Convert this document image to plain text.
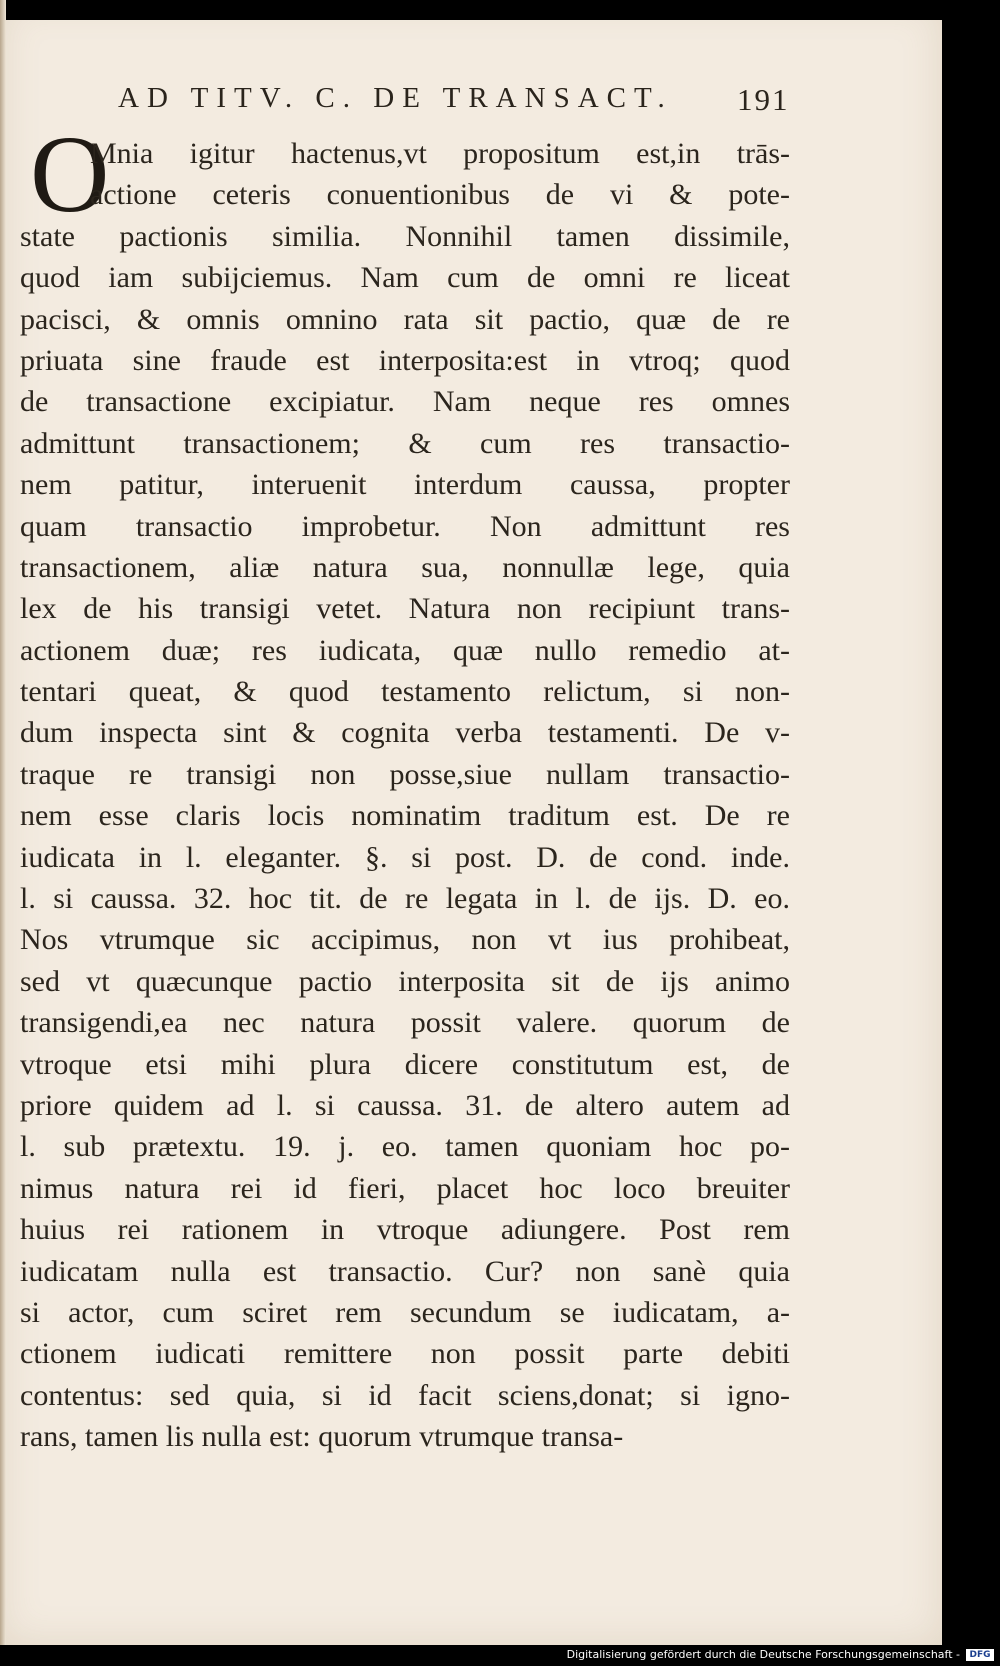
AD TITV. C. DE TRANSACT. 191
O
Mnia igitur hactenus,vt propositum est,in trās-
actione ceteris conuentionibus de vi & pote-
state pactionis similia. Nonnihil tamen dissimile,
quod iam subijciemus. Nam cum de omni re liceat
pacisci, & omnis omnino rata sit pactio, quæ de re
priuata sine fraude est interposita:est in vtroq; quod
de transactione excipiatur. Nam neque res omnes
admittunt transactionem; & cum res transactio-
nem patitur, interuenit interdum caussa, propter
quam transactio improbetur. Non admittunt res
transactionem, aliæ natura sua, nonnullæ lege, quia
lex de his transigi vetet. Natura non recipiunt trans-
actionem duæ; res iudicata, quæ nullo remedio at-
tentari queat, & quod testamento relictum, si non-
dum inspecta sint & cognita verba testamenti. De v-
traque re transigi non posse,siue nullam transactio-
nem esse claris locis nominatim traditum est. De re
iudicata in l. eleganter. §. si post. D. de cond. inde.
l. si caussa. 32. hoc tit. de re legata in l. de ijs. D. eo.
Nos vtrumque sic accipimus, non vt ius prohibeat,
sed vt quæcunque pactio interposita sit de ijs animo
transigendi,ea nec natura possit valere. quorum de
vtroque etsi mihi plura dicere constitutum est, de
priore quidem ad l. si caussa. 31. de altero autem ad
l. sub prætextu. 19. j. eo. tamen quoniam hoc po-
nimus natura rei id fieri, placet hoc loco breuiter
huius rei rationem in vtroque adiungere. Post rem
iudicatam nulla est transactio. Cur? non sanè quia
si actor, cum sciret rem secundum se iudicatam, a-
ctionem iudicati remittere non possit parte debiti
contentus: sed quia, si id facit sciens,donat; si igno-
rans, tamen lis nulla est: quorum vtrumque transa-
Digitalisierung gefördert durch die Deutsche Forschungsgemeinschaft -	DFG
